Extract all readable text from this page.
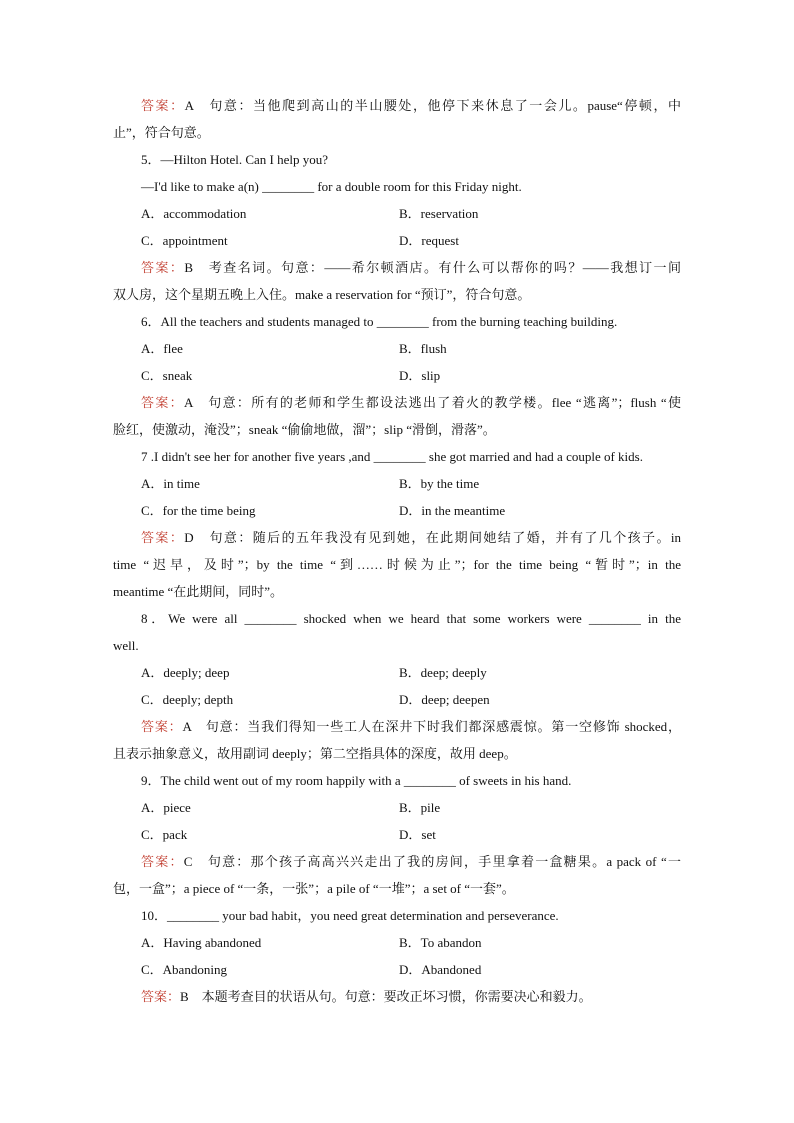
答案：A　句意：当他爬到高山的半山腰处，他停下来休息了一会儿。pause“停顿，中
止”，符合句意。
5．—Hilton Hotel. Can I help you?
—I'd like to make a(n) ________ for a double room for this Friday night.
A．accommodation	B．reservation
C．appointment	D．request
答案：B　考查名词。句意：——希尔顿酒店。有什么可以帮你的吗？——我想订一间
双人房，这个星期五晚上入住。make a reservation for “预订”，符合句意。
6．All the teachers and students managed to ________ from the burning teaching building.
A．flee	B．flush
C．sneak	D．slip
答案：A　句意：所有的老师和学生都设法逃出了着火的教学楼。flee “逃离”；flush “使
脸红，使激动，淹没”；sneak “偷偷地做，溜”；slip “滑倒，滑落”。
7 .I didn't see her for another five years ,and ________ she got married and had a couple of kids.
A．in time	B．by the time
C．for the time being	D．in the meantime
答案：D　句意：随后的五年我没有见到她，在此期间她结了婚，并有了几个孩子。in
time “迟早，及时”；by the time “到……时候为止”；for the time being “暂时”；in the
meantime “在此期间，同时”。
8．We were all ________ shocked when we heard that some workers were ________ in the
well.
A．deeply; deep	B．deep; deeply
C．deeply; depth	D．deep; deepen
答案：A　句意：当我们得知一些工人在深井下时我们都深感震惊。第一空修饰 shocked，
且表示抽象意义，故用副词 deeply；第二空指具体的深度，故用 deep。
9．The child went out of my room happily with a ________ of sweets in his hand.
A．piece	B．pile
C．pack	D．set
答案：C　句意：那个孩子高高兴兴走出了我的房间，手里拿着一盒糖果。a pack of “一
包，一盒”；a piece of “一条，一张”；a pile of “一堆”；a set of “一套”。
10．________ your bad habit，you need great determination and perseverance.
A．Having abandoned	B．To abandon
C．Abandoning	D．Abandoned
答案：B　本题考查目的状语从句。句意：要改正坏习惯，你需要决心和毅力。
